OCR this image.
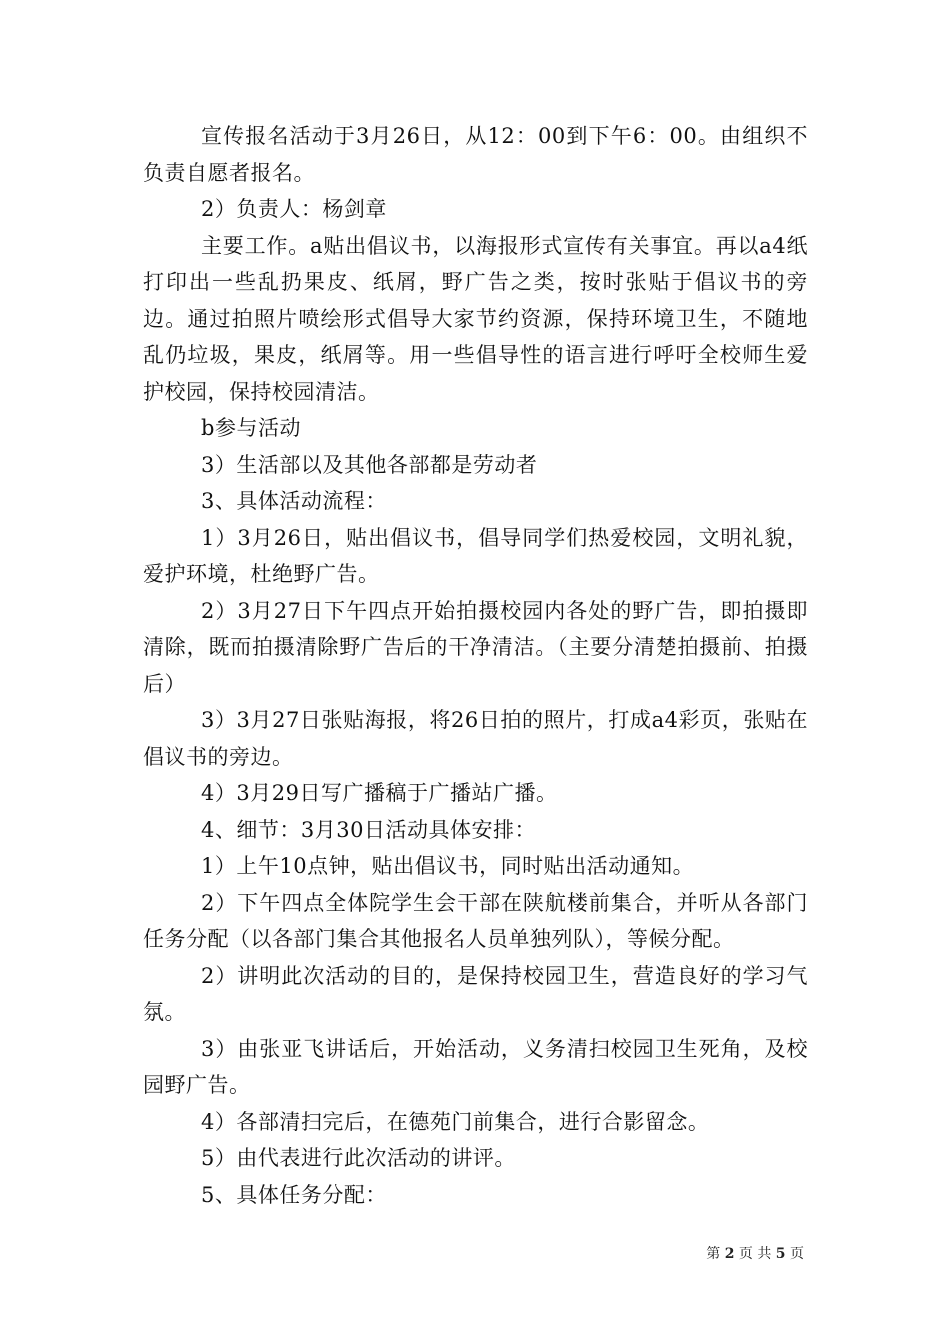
宣传报名活动于3月26日，从12：00到下午6：00。由组织不负责自愿者报名。

2）负责人：杨剑章

主要工作。a贴出倡议书，以海报形式宣传有关事宜。再以a4纸打印出一些乱扔果皮、纸屑，野广告之类，按时张贴于倡议书的旁边。通过拍照片喷绘形式倡导大家节约资源，保持环境卫生，不随地乱仍垃圾，果皮，纸屑等。用一些倡导性的语言进行呼吁全校师生爱护校园，保持校园清洁。

b参与活动

3）生活部以及其他各部都是劳动者

3、具体活动流程：

1）3月26日，贴出倡议书，倡导同学们热爱校园，文明礼貌，爱护环境，杜绝野广告。

2）3月27日下午四点开始拍摄校园内各处的野广告，即拍摄即清除，既而拍摄清除野广告后的干净清洁。（主要分清楚拍摄前、拍摄后）

3）3月27日张贴海报，将26日拍的照片，打成a4彩页，张贴在倡议书的旁边。

4）3月29日写广播稿于广播站广播。

4、细节：3月30日活动具体安排：

1）上午10点钟，贴出倡议书，同时贴出活动通知。

2）下午四点全体院学生会干部在陕航楼前集合，并听从各部门任务分配（以各部门集合其他报名人员单独列队），等候分配。

2）讲明此次活动的目的，是保持校园卫生，营造良好的学习气氛。

3）由张亚飞讲话后，开始活动，义务清扫校园卫生死角，及校园野广告。

4）各部清扫完后，在德苑门前集合，进行合影留念。

5）由代表进行此次活动的讲评。

5、具体任务分配：

第 2 页 共 5 页
